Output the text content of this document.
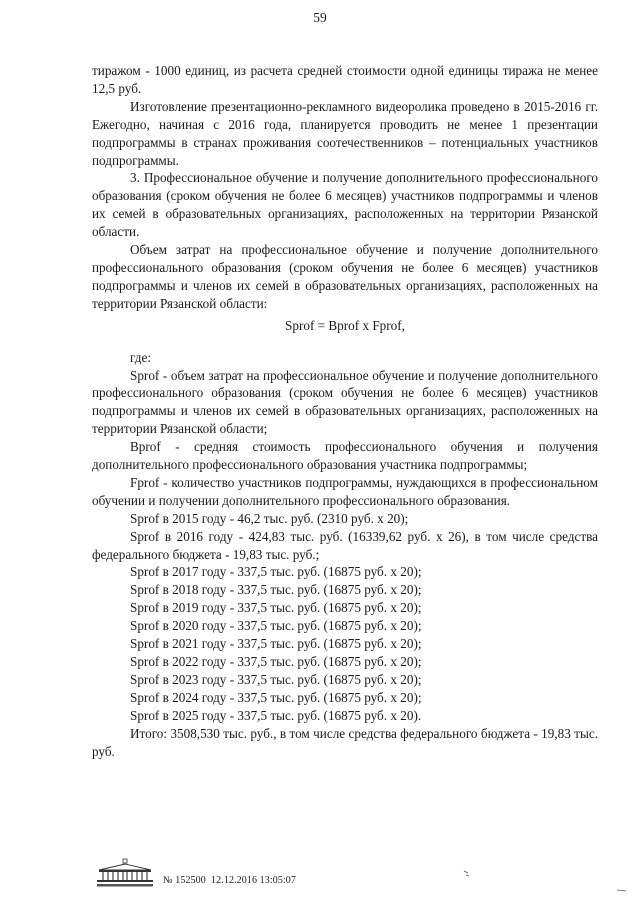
59

тиражом - 1000 единиц, из расчета средней стоимости одной единицы тиража не менее 12,5 руб.

Изготовление презентационно-рекламного видеоролика проведено в 2015-2016 гг. Ежегодно, начиная с 2016 года, планируется проводить не менее 1 презентации подпрограммы в странах проживания соотечественников – потенциальных участников подпрограммы.

3. Профессиональное обучение и получение дополнительного профессионального образования (сроком обучения не более 6 месяцев) участников подпрограммы и членов их семей в образовательных организациях, расположенных на территории Рязанской области.

Объем затрат на профессиональное обучение и получение дополнительного профессионального образования (сроком обучения не более 6 месяцев) участников подпрограммы и членов их семей в образовательных организациях, расположенных на территории Рязанской области:

Sprof = Bprof x Fprof,

где:

Sprof - объем затрат на профессиональное обучение и получение дополнительного профессионального образования (сроком обучения не более 6 месяцев) участников подпрограммы и членов их семей в образовательных организациях, расположенных на территории Рязанской области;

Bprof - средняя стоимость профессионального обучения и получения дополнительного профессионального образования участника подпрограммы;

Fprof - количество участников подпрограммы, нуждающихся в профессиональном обучении и получении дополнительного профессионального образования.

Sprof в 2015 году - 46,2 тыс. руб. (2310 руб. х 20);

Sprof в 2016 году - 424,83 тыс. руб. (16339,62 руб. х 26), в том числе средства федерального бюджета - 19,83 тыс. руб.;

Sprof в 2017 году - 337,5 тыс. руб. (16875 руб. х 20);

Sprof в 2018 году - 337,5 тыс. руб. (16875 руб. х 20);

Sprof в 2019 году - 337,5 тыс. руб. (16875 руб. х 20);

Sprof в 2020 году - 337,5 тыс. руб. (16875 руб. х 20);

Sprof в 2021 году - 337,5 тыс. руб. (16875 руб. х 20);

Sprof в 2022 году - 337,5 тыс. руб. (16875 руб. х 20);

Sprof в 2023 году - 337,5 тыс. руб. (16875 руб. х 20);

Sprof в 2024 году - 337,5 тыс. руб. (16875 руб. х 20);

Sprof в 2025 году - 337,5 тыс. руб. (16875 руб. х 20).

Итого: 3508,530 тыс. руб., в том числе средства федерального бюджета - 19,83 тыс. руб.

№ 152500 12.12.2016 13:05:07
